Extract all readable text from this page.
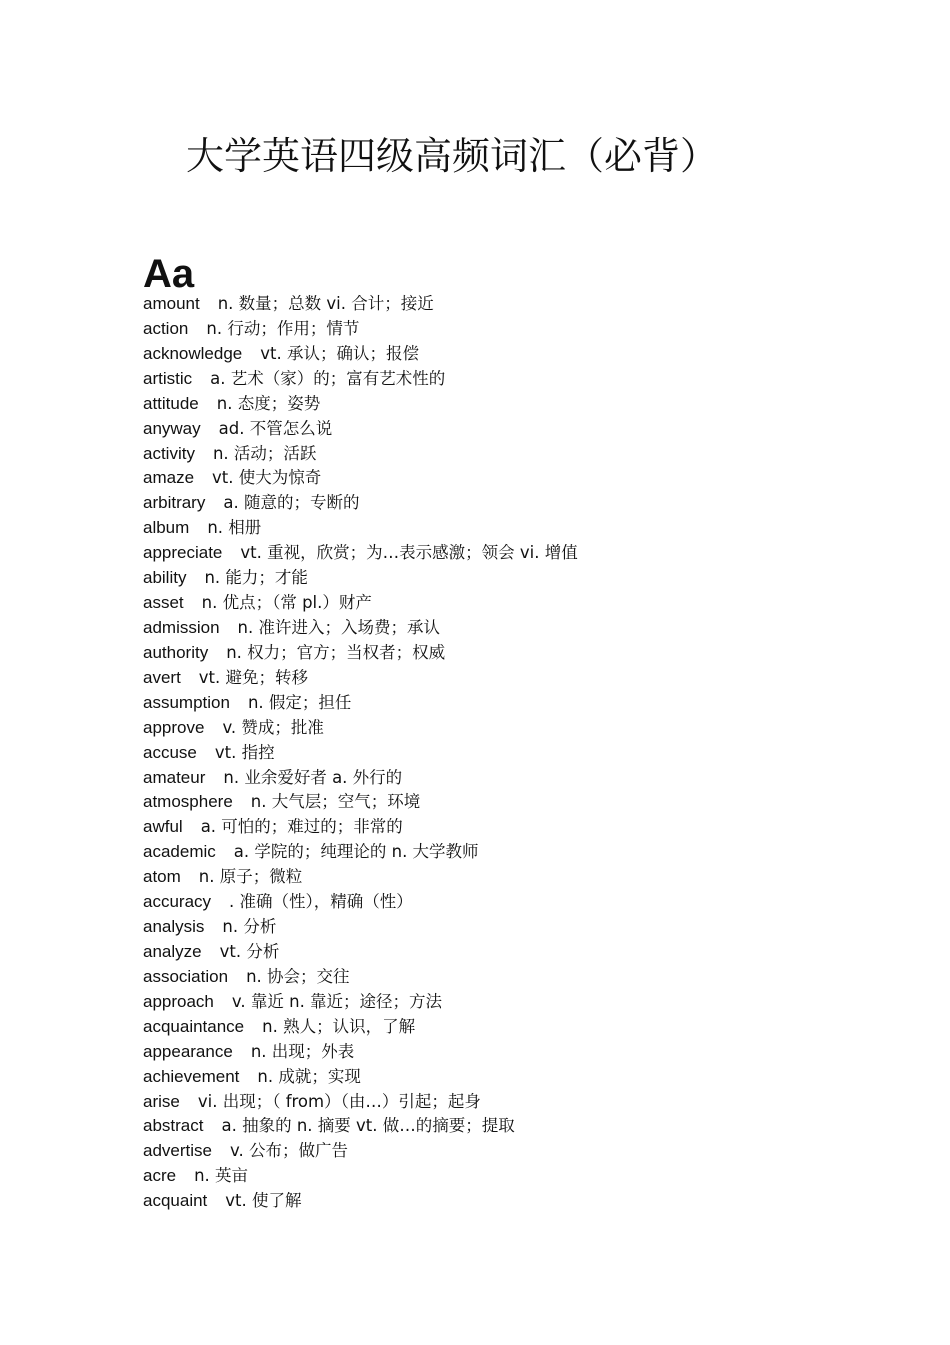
大学英语四级高频词汇（必背）
Aa
amount n. 数量；总数 vi. 合计；接近
action n. 行动；作用；情节
acknowledge vt. 承认；确认；报偿
artistic a. 艺术（家）的；富有艺术性的
attitude n. 态度；姿势
anyway ad. 不管怎么说
activity n. 活动；活跃
amaze vt. 使大为惊奇
arbitrary a. 随意的；专断的
album n. 相册
appreciate vt. 重视，欣赏；为…表示感激；领会 vi. 增值
ability n. 能力；才能
asset n. 优点；（常 pl.）财产
admission n. 准许进入；入场费；承认
authority n. 权力；官方；当权者；权威
avert vt. 避免；转移
assumption n. 假定；担任
approve v. 赞成；批准
accuse vt. 指控
amateur n. 业余爱好者 a. 外行的
atmosphere n. 大气层；空气；环境
awful a. 可怕的；难过的；非常的
academic a. 学院的；纯理论的 n. 大学教师
atom n. 原子；微粒
accuracy . 准确（性），精确（性）
analysis n. 分析
analyze vt. 分析
association n. 协会；交往
approach v. 靠近 n. 靠近；途径；方法
acquaintance n. 熟人；认识，了解
appearance n. 出现；外表
achievement n. 成就；实现
arise vi. 出现；（ from）（由…）引起；起身
abstract a. 抽象的 n. 摘要 vt. 做…的摘要；提取
advertise v. 公布；做广告
acre n. 英亩
acquaint vt. 使了解
